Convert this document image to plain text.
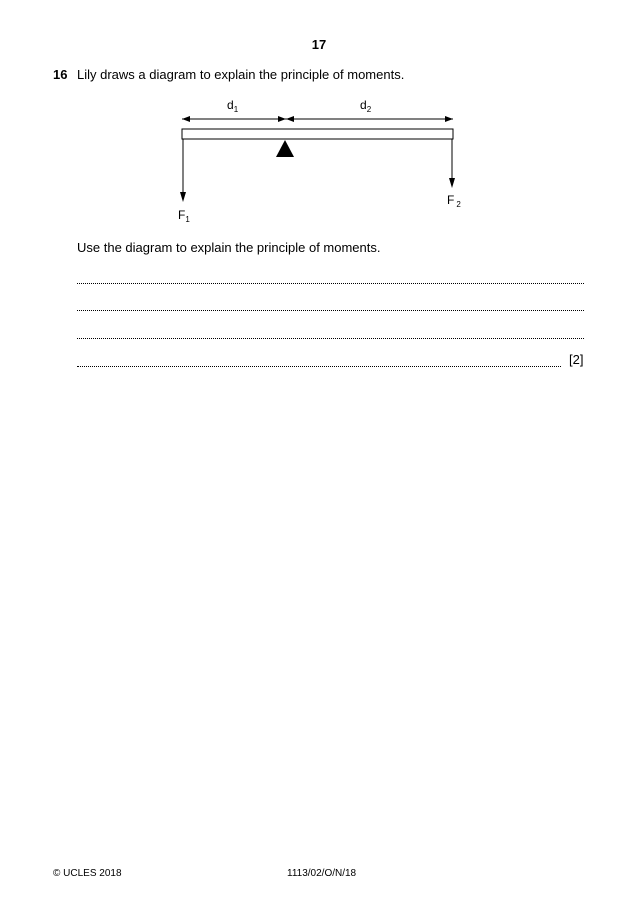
17
16 Lily draws a diagram to explain the principle of moments.
$d_1$	$d_2$
$F_1$
F $_2$
Use the diagram to explain the principle of moments.
[2]
© UCLES 2018	1113/02/O/N/18
